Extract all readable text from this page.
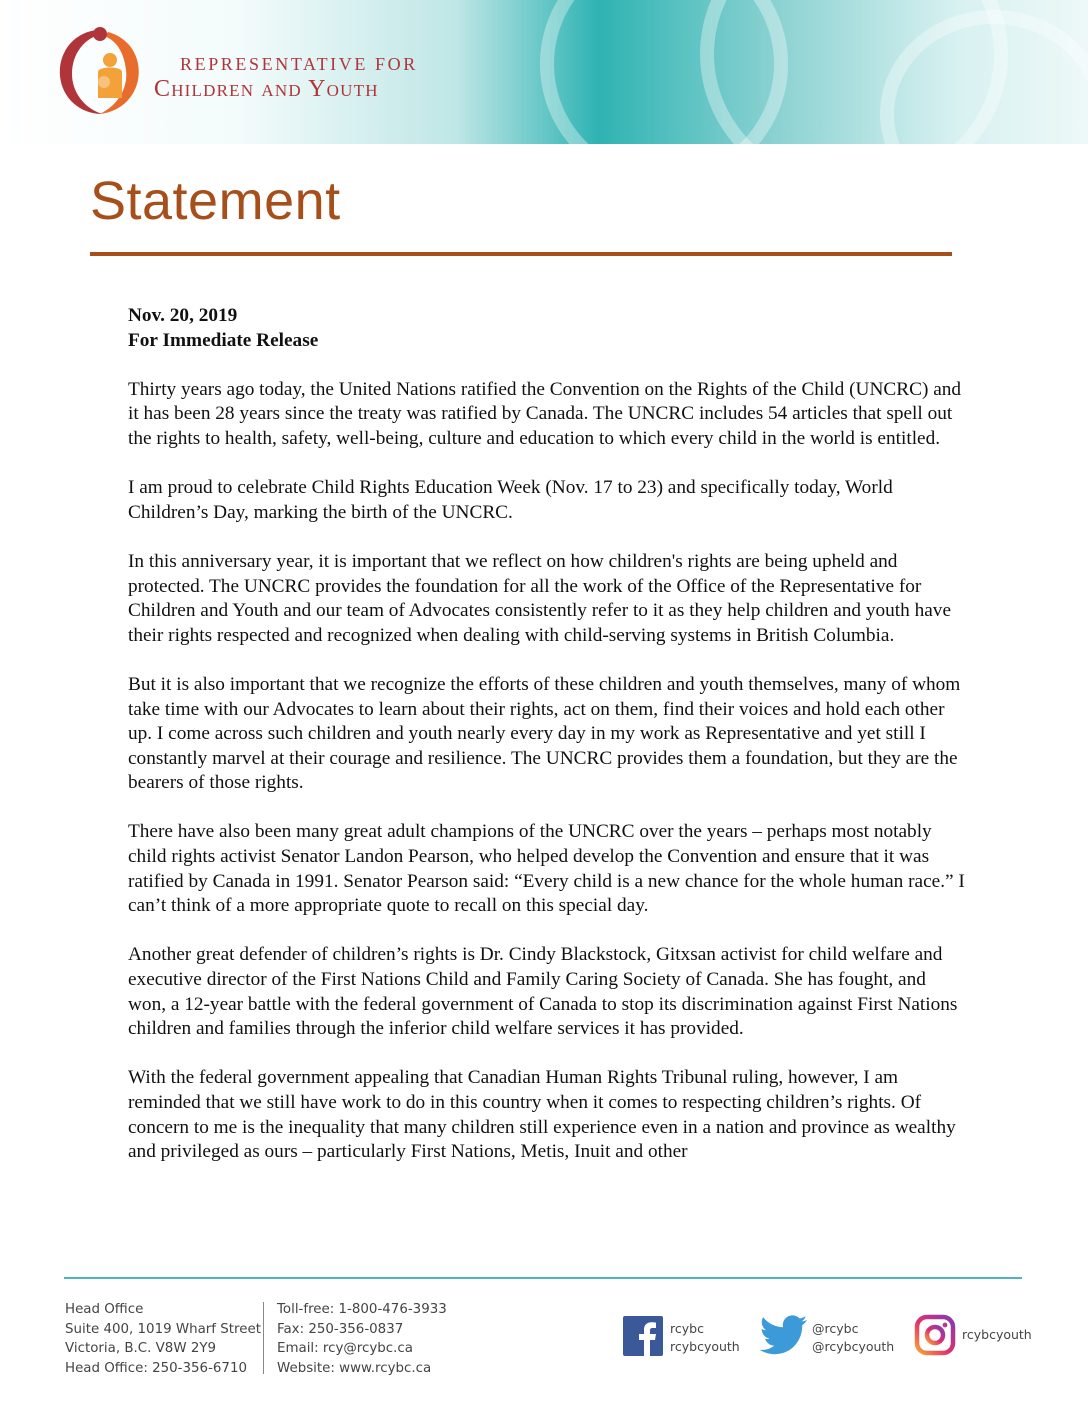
REPRESENTATIVE FOR
Children and Youth
Statement

Nov. 20, 2019

For Immediate Release

Thirty years ago today, the United Nations ratified the Convention on the Rights of the Child (UNCRC) and it has been 28 years since the treaty was ratified by Canada. The UNCRC includes 54 articles that spell out the rights to health, safety, well-being, culture and education to which every child in the world is entitled.

I am proud to celebrate Child Rights Education Week (Nov. 17 to 23) and specifically today, World Children’s Day, marking the birth of the UNCRC.

In this anniversary year, it is important that we reflect on how children's rights are being upheld and protected. The UNCRC provides the foundation for all the work of the Office of the Representative for Children and Youth and our team of Advocates consistently refer to it as they help children and youth have their rights respected and recognized when dealing with child-serving systems in British Columbia.

But it is also important that we recognize the efforts of these children and youth themselves, many of whom take time with our Advocates to learn about their rights, act on them, find their voices and hold each other up. I come across such children and youth nearly every day in my work as Representative and yet still I constantly marvel at their courage and resilience. The UNCRC provides them a foundation, but they are the bearers of those rights.

There have also been many great adult champions of the UNCRC over the years – perhaps most notably child rights activist Senator Landon Pearson, who helped develop the Convention and ensure that it was ratified by Canada in 1991. Senator Pearson said: “Every child is a new chance for the whole human race.” I can’t think of a more appropriate quote to recall on this special day.

Another great defender of children’s rights is Dr. Cindy Blackstock, Gitxsan activist for child welfare and executive director of the First Nations Child and Family Caring Society of Canada. She has fought, and won, a 12-year battle with the federal government of Canada to stop its discrimination against First Nations children and families through the inferior child welfare services it has provided.

With the federal government appealing that Canadian Human Rights Tribunal ruling, however, I am reminded that we still have work to do in this country when it comes to respecting children’s rights. Of concern to me is the inequality that many children still experience even in a nation and province as wealthy and privileged as ours – particularly First Nations, Metis, Inuit and other

Head Office
Suite 400, 1019 Wharf Street
Victoria, B.C. V8W 2Y9
Head Office: 250-356-6710
Toll-free: 1-800-476-3933
Fax: 250-356-0837
Email: rcy@rcybc.ca
Website: www.rcybc.ca
rcybc
rcybcyouth
@rcybc
@rcybcyouth
rcybcyouth
